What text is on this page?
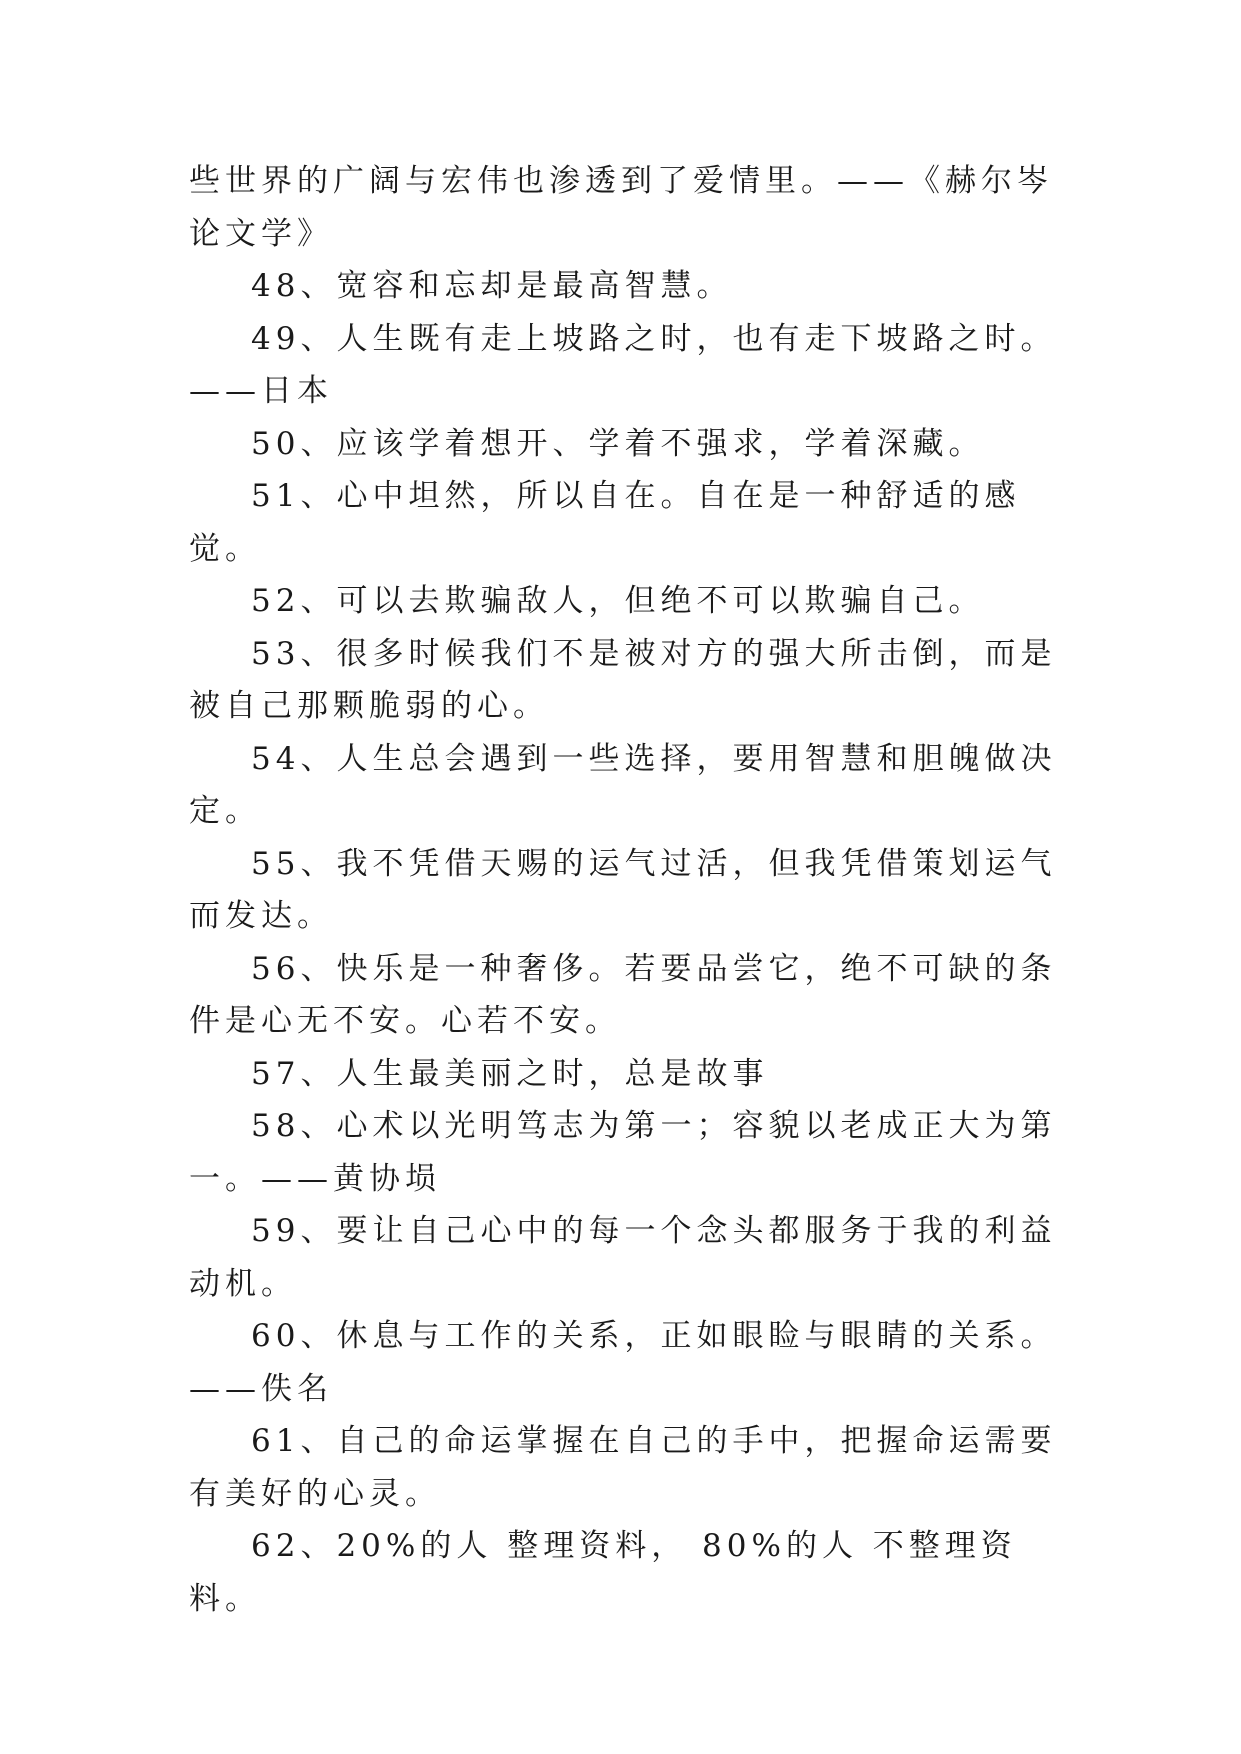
些世界的广阔与宏伟也渗透到了爱情里。——《赫尔岑论文学》

48、宽容和忘却是最高智慧。

49、人生既有走上坡路之时，也有走下坡路之时。——日本

50、应该学着想开、学着不强求，学着深藏。

51、心中坦然，所以自在。自在是一种舒适的感觉。

52、可以去欺骗敌人，但绝不可以欺骗自己。

53、很多时候我们不是被对方的强大所击倒，而是被自己那颗脆弱的心。

54、人生总会遇到一些选择，要用智慧和胆魄做决定。

55、我不凭借天赐的运气过活，但我凭借策划运气而发达。

56、快乐是一种奢侈。若要品尝它，绝不可缺的条件是心无不安。心若不安。

57、人生最美丽之时，总是故事

58、心术以光明笃志为第一；容貌以老成正大为第一。——黄协埙

59、要让自己心中的每一个念头都服务于我的利益动机。

60、休息与工作的关系，正如眼睑与眼睛的关系。——佚名

61、自己的命运掌握在自己的手中，把握命运需要有美好的心灵。

62、20%的人 整理资料， 80%的人 不整理资料。
